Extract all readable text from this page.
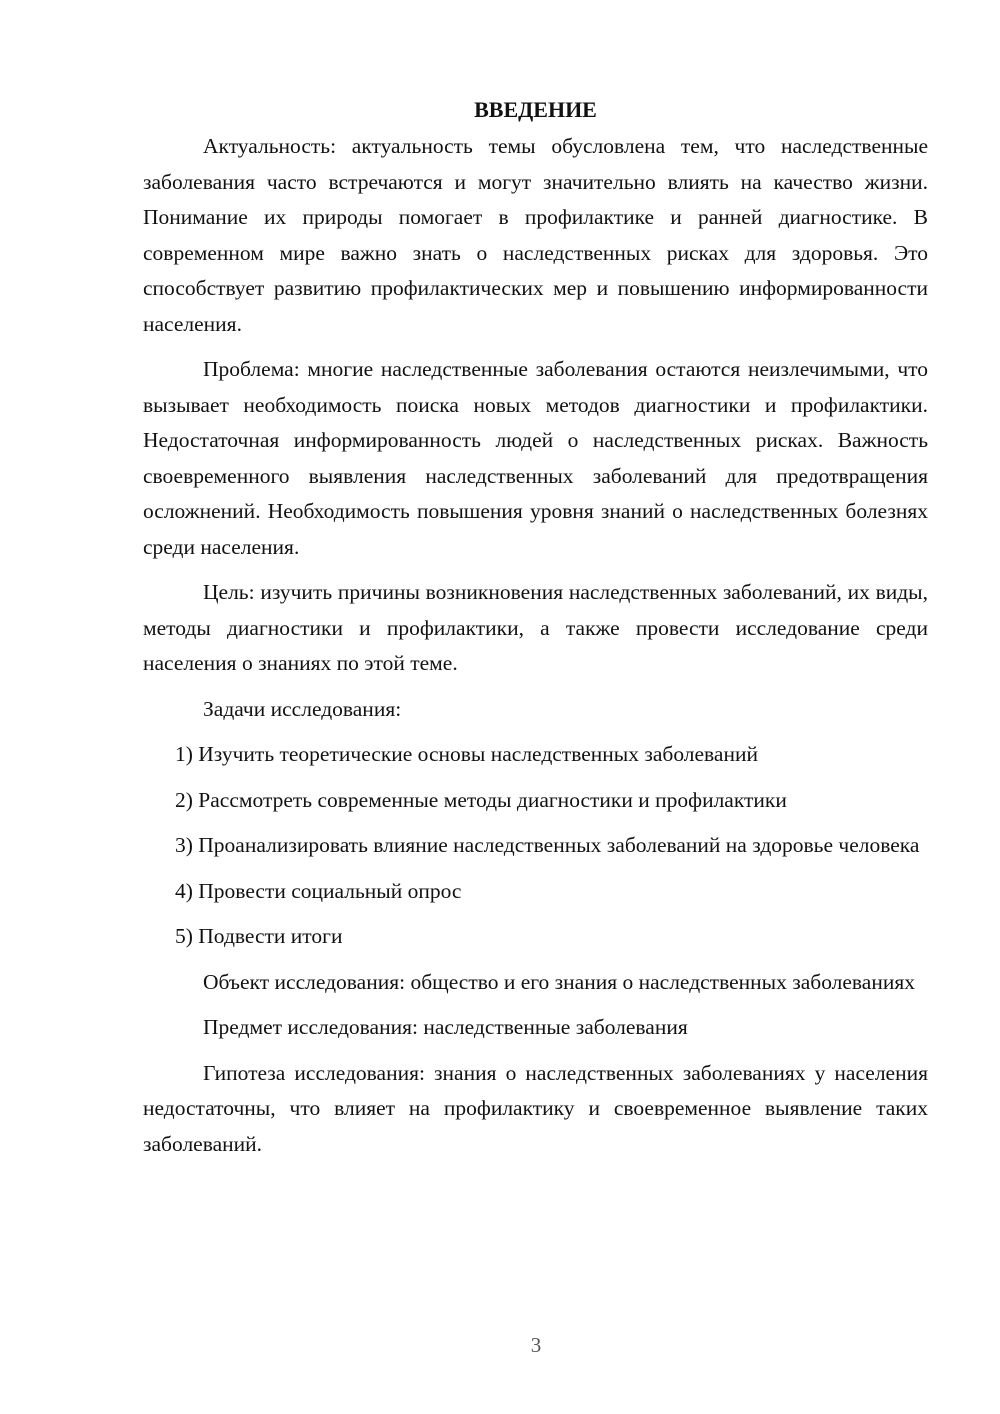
ВВЕДЕНИЕ

Актуальность: актуальность темы обусловлена тем, что наследственные заболевания часто встречаются и могут значительно влиять на качество жизни. Понимание их природы помогает в профилактике и ранней диагностике. В современном мире важно знать о наследственных рисках для здоровья. Это способствует развитию профилактических мер и повышению информированности населения.

Проблема: многие наследственные заболевания остаются неизлечимыми, что вызывает необходимость поиска новых методов диагностики и профилактики. Недостаточная информированность людей о наследственных рисках. Важность своевременного выявления наследственных заболеваний для предотвращения осложнений. Необходимость повышения уровня знаний о наследственных болезнях среди населения.

Цель: изучить причины возникновения наследственных заболеваний, их виды, методы диагностики и профилактики, а также провести исследование среди населения о знаниях по этой теме.

Задачи исследования:

1) Изучить теоретические основы наследственных заболеваний

2) Рассмотреть современные методы диагностики и профилактики

3) Проанализировать влияние наследственных заболеваний на здоровье человека

4) Провести социальный опрос

5) Подвести итоги

Объект исследования: общество и его знания о наследственных заболеваниях

Предмет исследования: наследственные заболевания

Гипотеза исследования: знания о наследственных заболеваниях у населения недостаточны, что влияет на профилактику и своевременное выявление таких заболеваний.

3
